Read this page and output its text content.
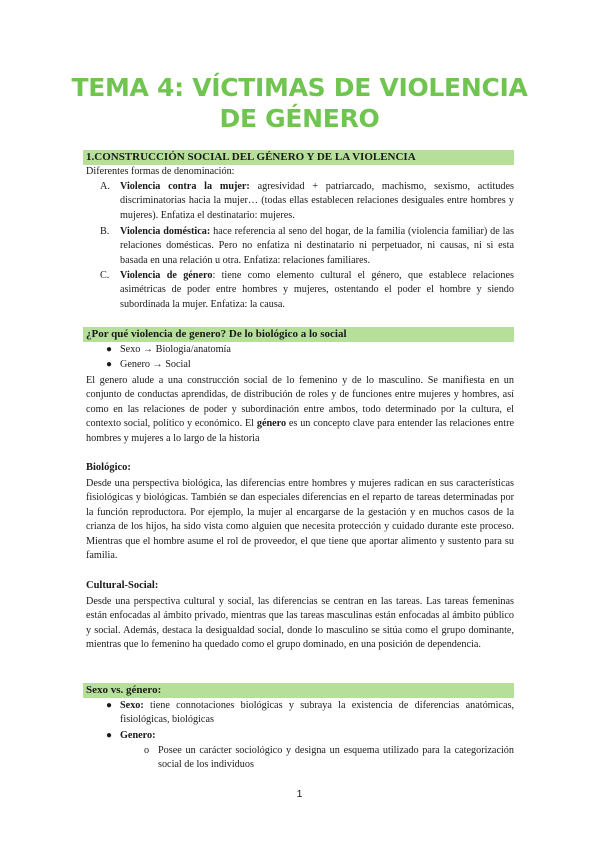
TEMA 4: VÍCTIMAS DE VIOLENCIA
DE GÉNERO
1.CONSTRUCCIÓN SOCIAL DEL GÉNERO Y DE LA VIOLENCIA
Diferentes formas de denominación:
A. Violencia contra la mujer: agresividad + patriarcado, machismo, sexismo, actitudes discriminatorias hacia la mujer… (todas ellas establecen relaciones desiguales entre hombres y mujeres). Enfatiza el destinatario: mujeres.
B.	Violencia doméstica: hace referencia al seno del hogar, de la familia (violencia familiar) de las relaciones domésticas. Pero no enfatiza ni destinatario ni perpetuador, ni causas, ni si esta basada en una relación u otra. Enfatiza: relaciones familiares.
C.	Violencia de género: tiene como elemento cultural el género, que establece relaciones asimétricas de poder entre hombres y mujeres, ostentando el poder el hombre y siendo subordinada la mujer. Enfatiza: la causa.
¿Por qué violencia de genero? De lo biológico a lo social
● Sexo → Biologia/anatomía
● Genero → Social
El genero alude a una construcción social de lo femenino y de lo masculino. Se manifiesta en un conjunto de conductas aprendidas, de distribución de roles y de funciones entre mujeres y hombres, así como en las relaciones de poder y subordinación entre ambos, todo determinado por la cultura, el contexto social, político y económico. El género es un concepto clave para entender las relaciones entre hombres y mujeres a lo largo de la historia
Biológico:
Desde una perspectiva biológica, las diferencias entre hombres y mujeres radican en sus características fisiológicas y biológicas. También se dan especiales diferencias en el reparto de tareas determinadas por la función reproductora. Por ejemplo, la mujer al encargarse de la gestación y en muchos casos de la crianza de los hijos, ha sido vista como alguien que necesita protección y cuidado durante este proceso. Mientras que el hombre asume el rol de proveedor, el que tiene que aportar alimento y sustento para su familia.
Cultural-Social:
Desde una perspectiva cultural y social, las diferencias se centran en las tareas. Las tareas femeninas están enfocadas al ámbito privado, mientras que las tareas masculinas están enfocadas al ámbito público y social. Además, destaca la desigualdad social, donde lo masculino se sitúa como el grupo dominante, mientras que lo femenino ha quedado como el grupo dominado, en una posición de dependencia.
Sexo vs. género:
● Sexo: tiene connotaciones biológicas y subraya la existencia de diferencias anatómicas, fisiológicas, biológicas
● Genero:
o Posee un carácter sociológico y designa un esquema utilizado para la categorización social de los individuos
1
